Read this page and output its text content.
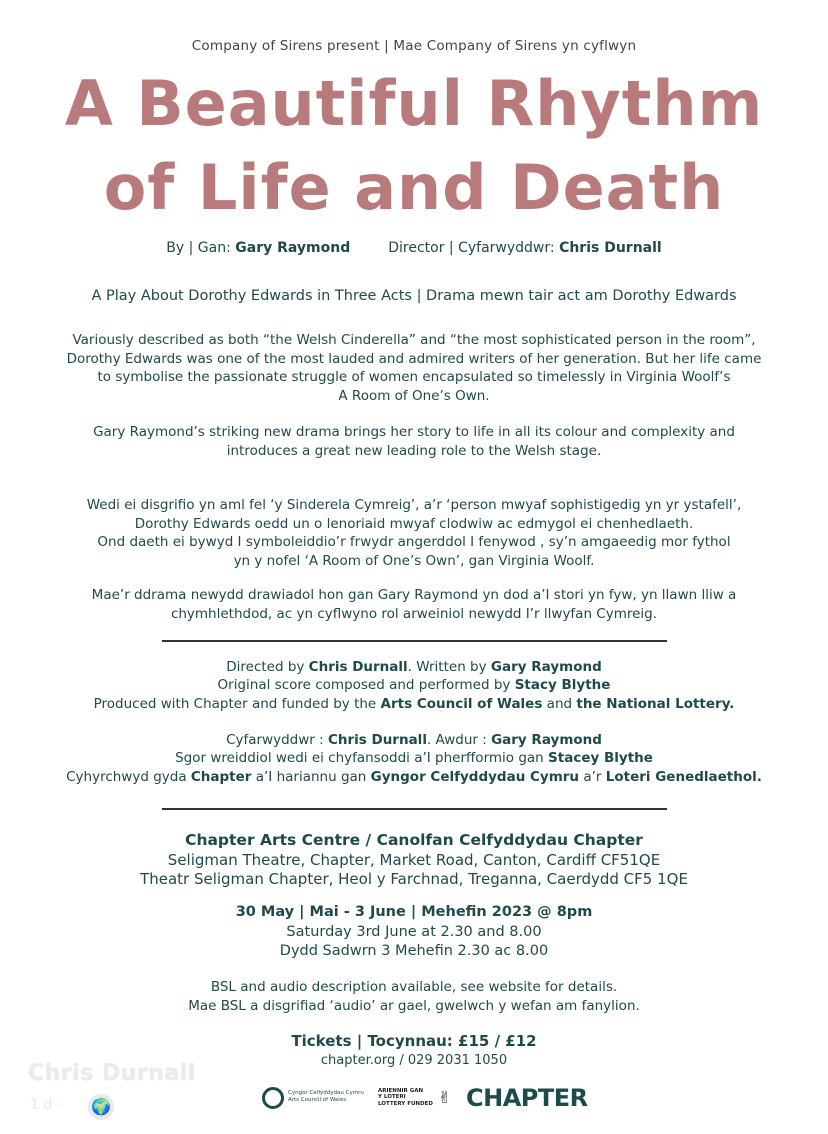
Company of Sirens present | Mae Company of Sirens yn cyflwyn
A Beautiful Rhythm
of Life and Death
By | Gan: Gary Raymond	Director | Cyfarwyddwr: Chris Durnall
A Play About Dorothy Edwards in Three Acts | Drama mewn tair act am Dorothy Edwards
Variously described as both “the Welsh Cinderella” and “the most sophisticated person in the room”,
Dorothy Edwards was one of the most lauded and admired writers of her generation. But her life came
to symbolise the passionate struggle of women encapsulated so timelessly in Virginia Woolf’s
A Room of One’s Own.
Gary Raymond’s striking new drama brings her story to life in all its colour and complexity and
introduces a great new leading role to the Welsh stage.
Wedi ei disgrifio yn aml fel ‘y Sinderela Cymreig’, a’r ‘person mwyaf sophistigedig yn yr ystafell’,
Dorothy Edwards oedd un o lenoriaid mwyaf clodwiw ac edmygol ei chenhedlaeth.
Ond daeth ei bywyd I symboleiddio’r frwydr angerddol I fenywod , sy’n amgaeedig mor fythol
yn y nofel ‘A Room of One’s Own’, gan Virginia Woolf.
Mae’r ddrama newydd drawiadol hon gan Gary Raymond yn dod a’I stori yn fyw, yn llawn lliw a
chymhlethdod, ac yn cyflwyno rol arweiniol newydd I’r llwyfan Cymreig.
Directed by Chris Durnall. Written by Gary Raymond
Original score composed and performed by Stacy Blythe
Produced with Chapter and funded by the Arts Council of Wales and the National Lottery.
Cyfarwyddwr : Chris Durnall. Awdur : Gary Raymond
Sgor wreiddiol wedi ei chyfansoddi a’I pherfformio gan Stacey Blythe
Cyhyrchwyd gyda Chapter a’I hariannu gan Gyngor Celfyddydau Cymru a’r Loteri Genedlaethol.
Chapter Arts Centre / Canolfan Celfyddydau Chapter
Seligman Theatre, Chapter, Market Road, Canton, Cardiff CF51QE
Theatr Seligman Chapter, Heol y Farchnad, Treganna, Caerdydd CF5 1QE
30 May | Mai - 3 June | Mehefin 2023 @ 8pm
Saturday 3rd June at 2.30 and 8.00
Dydd Sadwrn 3 Mehefin 2.30 ac 8.00
BSL and audio description available, see website for details.
Mae BSL a disgrifiad ‘audio’ ar gael, gwelwch y wefan am fanylion.
Tickets | Tocynnau: £15 / £12
chapter.org / 029 2031 1050
Cyngor Celfyddydau Cymru
Arts Council of Wales
ARIENNIR GAN
Y LOTERI
LOTTERY FUNDED ✌ CHAPTER
Chris Durnall
1 d · 🌍
